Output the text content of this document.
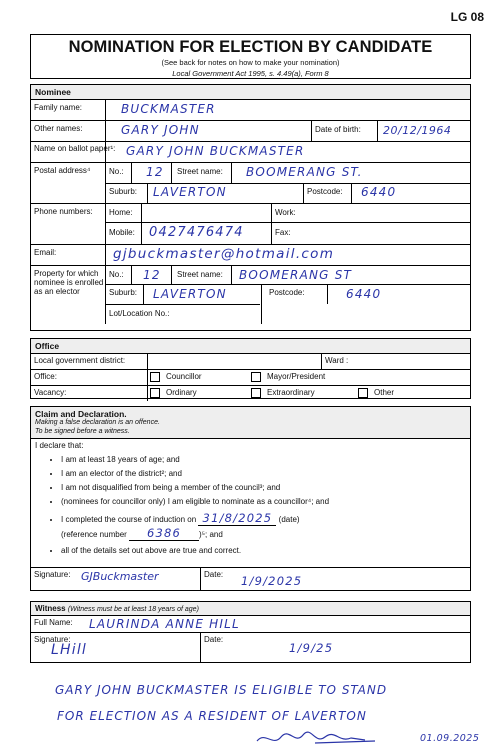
LG 08
NOMINATION FOR ELECTION BY CANDIDATE
(See back for notes on how to make your nomination)
Local Government Act 1995, s. 4.49(a), Form 8
Nominee
Family name:	BUCKMASTER
Other names:	GARY JOHN	Date of birth: 20/12/1964
Name on ballot paper¹: GARY JOHN BUCKMASTER
Postal address⁴ No.: 12 Street name: BOOMERANG ST.
Suburb: LAVERTON	Postcode: 6440
Phone numbers: Home:	Work:
Mobile: 0427476474	Fax:
Email:	gjbuckmaster@hotmail.com
Property for which nominee is enrolled as an elector
No.: 12 Street name: BOOMERANG ST
Suburb: LAVERTON	Postcode:	6440
Lot/Location No.:
Office
Local government district:	Ward :
Office:	Councillor	Mayor/President
Vacancy:	Ordinary	Extraordinary	Other
Claim and Declaration.
Making a false declaration is an offence.
To be signed before a witness.
I declare that:
• I am at least 18 years of age; and
• I am an elector of the district²; and
• I am not disqualified from being a member of the council³; and
• (nominees for councillor only) I am eligible to nominate as a councillor⁴; and
• I completed the course of induction on 31/8/2025 (date)
(reference number 6386 )⁵; and
• all of the details set out above are true and correct.
Signature: GJBuckmaster	Date: 1/9/2025
Witness (Witness must be at least 18 years of age)
Full Name: LAURINDA ANNE HILL
Signature:
LHill
Date:
1/9/25
GARY JOHN BUCKMASTER IS ELIGIBLE TO STAND
FOR ELECTION AS A RESIDENT OF LAVERTON
01.09.2025
